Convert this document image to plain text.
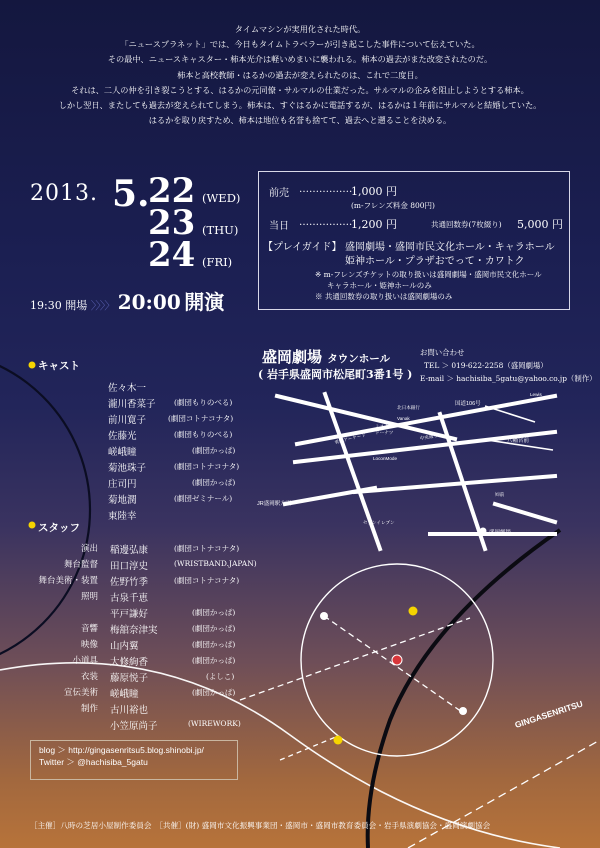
GINGASENRITSU
タイムマシンが実用化された時代。
「ニュースプラネット」では、今日もタイムトラベラーが引き起こした事件について伝えていた。
その最中、ニュースキャスター・柿本光介は軽いめまいに襲われる。柿本の過去がまた改変されたのだ。
柿本と高校教師・はるかの過去が変えられたのは、これで二度目。
それは、二人の仲を引き裂こうとする、はるかの元同僚・サルマルの仕業だった。サルマルの企みを阻止しようとする柿本。
しかし翌日、またしても過去が変えられてしまう。柿本は、すぐはるかに電話するが、はるかは１年前にサルマルと結婚していた。
はるかを取り戻すため、柿本は地位も名誉も捨てて、過去へと遡ることを決める。
2013. 5.
22 (WED)
23 (THU)
24 (FRI)
19:30 開場 〉〉〉〉 20:00 開演
前売 …………….
1,000 円
(m-フレンズ料金 800円)
当日 …………….
1,200 円	共通回数券(7枚綴り) 5,000 円
【プレイガイド】 盛岡劇場・盛岡市民文化ホール・キャラホール
姫神ホール・プラザおでって・カワトク
※ m-フレンズチケットの取り扱いは盛岡劇場・盛岡市民文化ホール
キャラホール・姫神ホールのみ
※ 共通回数券の取り扱いは盛岡劇場のみ
盛岡劇場 タウンホール
( 岩手県盛岡市松尾町3番1号 )
お問い合わせ
TEL ＞ 019-622-2258（盛岡劇場）
E-mail ＞ hachisiba_5gatu@yahoo.co.jp（制作）
北日本銀行
Vanak
ミスター
ドーナツ
肴町アーケード	中央通り
Lewis
LoconMode
国道106号
八幡宮前
㈲前
セブンイレブン
盛岡劇場
JR盛岡駅方面
キャスト
佐々木一
瀧川香菜子 (劇団もりのべる)
前川寛子	(劇団コトナコナタ)
佐藤光	(劇団もりのべる)
嵯峨瞳	(劇団かっぱ)
菊池珠子	(劇団コトナコナタ)
庄司円	(劇団かっぱ)
菊地潤	(劇団ゼミナール)
東陸幸
スタッフ
演出 稲邊弘康	(劇団コトナコナタ)
舞台監督 田口淳史	(WRISTBAND.JAPAN)
舞台美術・装置 佐野竹季	(劇団コトナコナタ)
照明 古泉千恵
平戸謙好	(劇団かっぱ)
音響 梅舘奈津実	(劇団かっぱ)
映像 山内翼	(劇団かっぱ)
小道具 大修絢香	(劇団かっぱ)
衣装 藤原悦子	(よしこ)
宣伝美術 嵯峨瞳	(劇団かっぱ)
制作 古川裕也
小笠原尚子	(WIREWORK)
blog ＞ http://gingasenritsu5.blog.shinobi.jp/
Twitter ＞ @hachisiba_5gatu
［主催］八時の芝居小屋制作委員会　［共催］(財) 盛岡市文化振興事業団・盛岡市・盛岡市教育委員会・岩手県演劇協会・盛岡演劇協会
